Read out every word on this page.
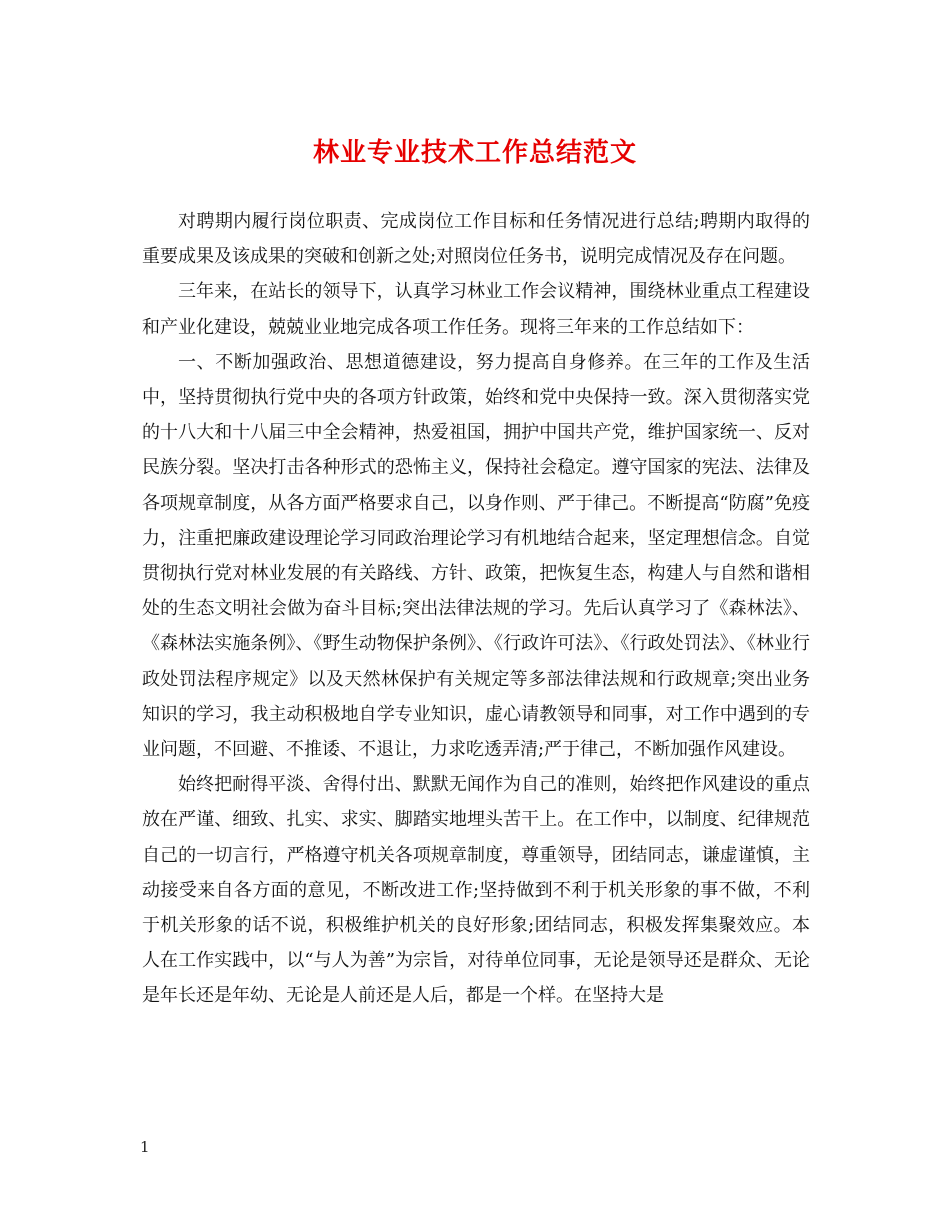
林业专业技术工作总结范文

对聘期内履行岗位职责、完成岗位工作目标和任务情况进行总结;聘期内取得的重要成果及该成果的突破和创新之处;对照岗位任务书，说明完成情况及存在问题。

三年来，在站长的领导下，认真学习林业工作会议精神，围绕林业重点工程建设和产业化建设，兢兢业业地完成各项工作任务。现将三年来的工作总结如下：

一、不断加强政治、思想道德建设，努力提高自身修养。在三年的工作及生活中，坚持贯彻执行党中央的各项方针政策，始终和党中央保持一致。深入贯彻落实党的十八大和十八届三中全会精神，热爱祖国，拥护中国共产党，维护国家统一、反对民族分裂。坚决打击各种形式的恐怖主义，保持社会稳定。遵守国家的宪法、法律及各项规章制度，从各方面严格要求自己，以身作则、严于律己。不断提高“防腐”免疫力，注重把廉政建设理论学习同政治理论学习有机地结合起来，坚定理想信念。自觉贯彻执行党对林业发展的有关路线、方针、政策，把恢复生态，构建人与自然和谐相处的生态文明社会做为奋斗目标;突出法律法规的学习。先后认真学习了《森林法》、《森林法实施条例》、《野生动物保护条例》、《行政许可法》、《行政处罚法》、《林业行政处罚法程序规定》以及天然林保护有关规定等多部法律法规和行政规章;突出业务知识的学习，我主动积极地自学专业知识，虚心请教领导和同事，对工作中遇到的专业问题，不回避、不推诿、不退让，力求吃透弄清;严于律己，不断加强作风建设。

始终把耐得平淡、舍得付出、默默无闻作为自己的准则，始终把作风建设的重点放在严谨、细致、扎实、求实、脚踏实地埋头苦干上。在工作中，以制度、纪律规范自己的一切言行，严格遵守机关各项规章制度，尊重领导，团结同志，谦虚谨慎，主动接受来自各方面的意见，不断改进工作;坚持做到不利于机关形象的事不做，不利于机关形象的话不说，积极维护机关的良好形象;团结同志，积极发挥集聚效应。本人在工作实践中，以“与人为善”为宗旨，对待单位同事，无论是领导还是群众、无论是年长还是年幼、无论是人前还是人后，都是一个样。在坚持大是

1
